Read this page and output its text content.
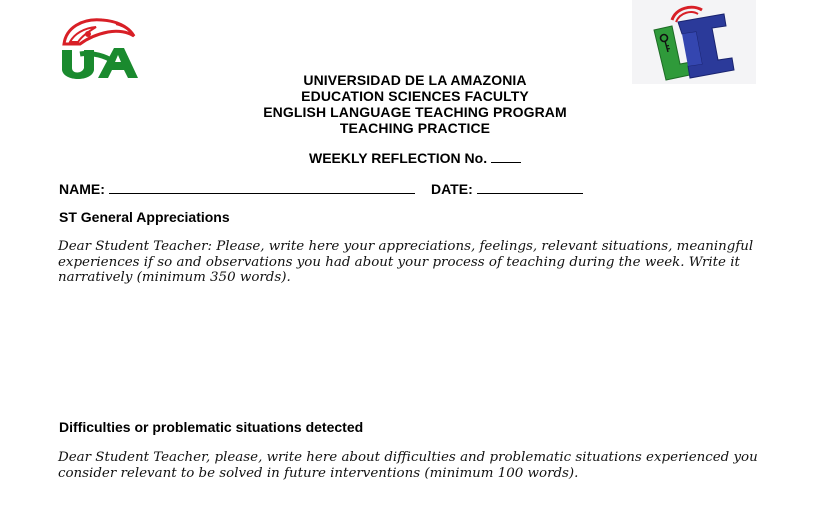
UNIVERSIDAD DE LA AMAZONIA
EDUCATION SCIENCES FACULTY
ENGLISH LANGUAGE TEACHING PROGRAM
TEACHING PRACTICE
WEEKLY REFLECTION No.
NAME:	DATE:
ST General Appreciations
Dear Student Teacher: Please, write here your appreciations, feelings, relevant situations, meaningful experiences if so and observations you had about your process of teaching during the week. Write it narratively (minimum 350 words).
Difficulties or problematic situations detected
Dear Student Teacher, please, write here about difficulties and problematic situations experienced you consider relevant to be solved in future interventions (minimum 100 words).
